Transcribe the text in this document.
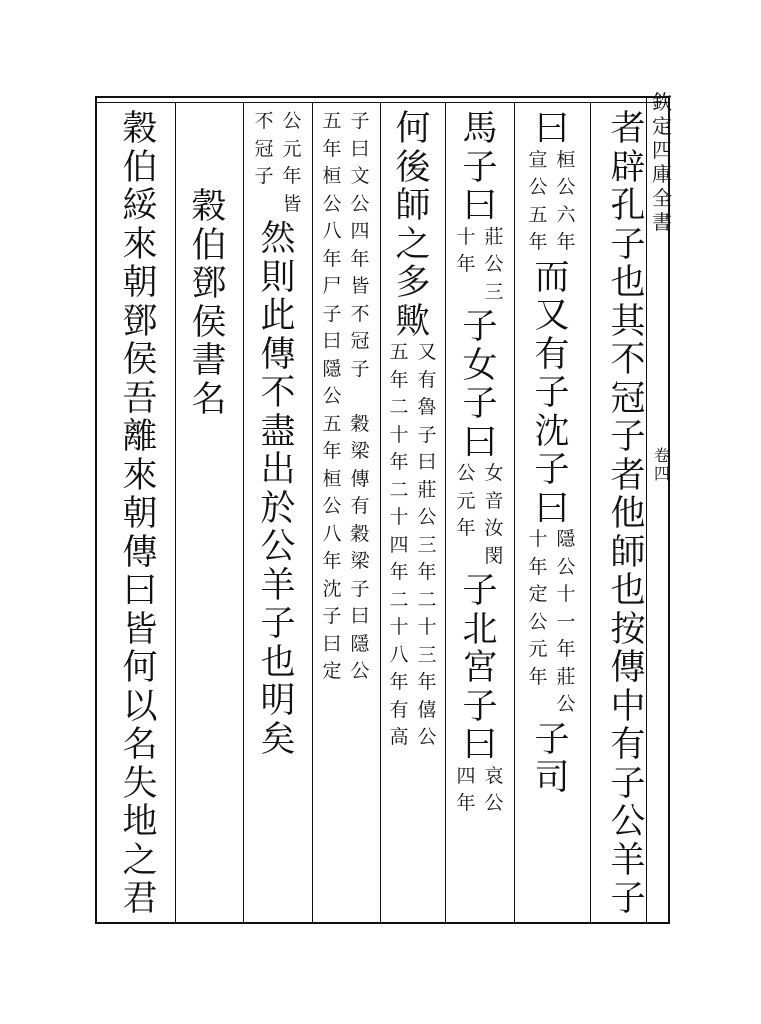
欽
定
四
庫
全
書
卷
四
者
辟
孔
子
也
其
不
冠
子
者
他
師
也
按
傳
中
有
子
公
羊
子
曰
桓
公
六
年
宣
公
五
年
而
又
有
子
沈
子
曰
隱
公
十
一
年
莊
公
十
年
定
公
元
年
子
司
馬
子
曰
莊
公
三
十
年
子
女
子
曰
女
音
汝
閔
公
元
年
子
北
宮
子
曰
哀
公
四
年
何
後
師
之
多
歟
又
有
魯
子
曰
莊
公
三
年
二
十
三
年
僖
公
五
年
二
十
年
二
十
四
年
二
十
八
年
有
高
子
曰
文
公
四
年
皆
不
冠
子

穀
梁
傳
有
穀
梁
子
曰
隱
公
五
年
桓
公
八
年
尸
子
曰
隱
公
五
年
桓
公
八
年
沈
子
曰
定
公
元
年
皆
不
冠
子
然
則
此
傳
不
盡
出
於
公
羊
子
也
明
矣
穀
伯
鄧
侯
書
名
穀
伯
綏
來
朝
鄧
侯
吾
離
來
朝
傳
曰
皆
何
以
名
失
地
之
君
